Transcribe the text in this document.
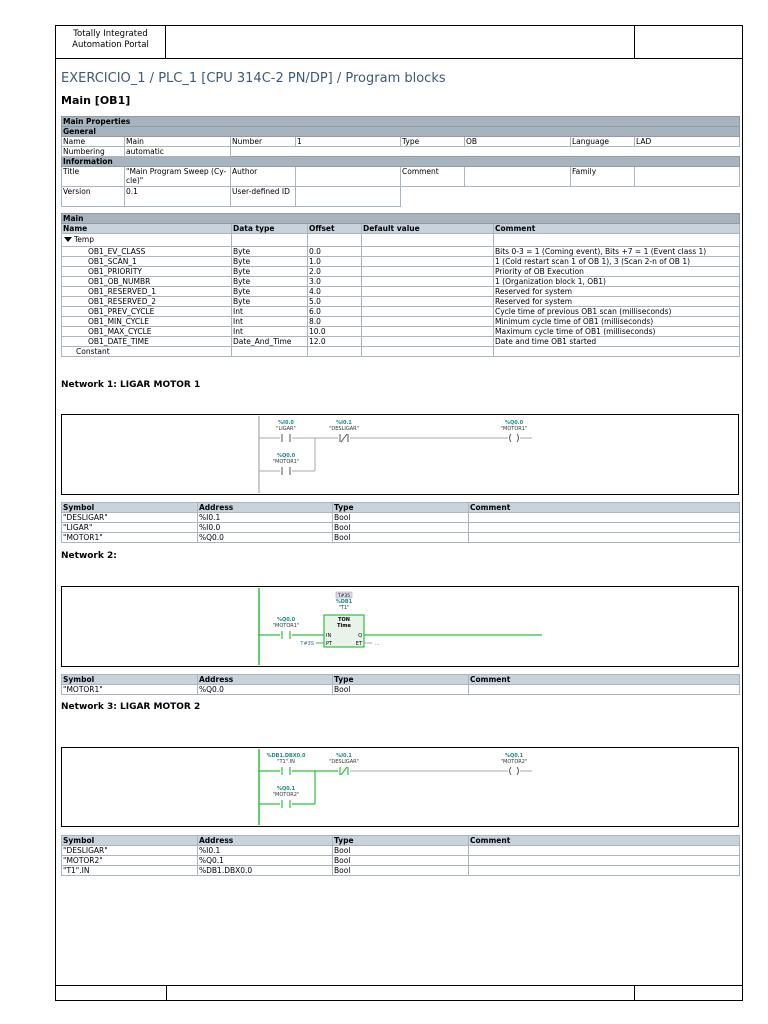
Totally Integrated Automation Portal
EXERCICIO_1 / PLC_1 [CPU 314C-2 PN/DP] / Program blocks
Main [OB1]
Main Properties							
General							
Name	Main	Number	1	Type	OB	Language	LAD
Numbering	automatic						
Information							
Title	"Main Program Sweep (Cy-cle)"	Author		Comment		Family	
Version	0.1	User-defined ID					
Main				
Name	Data type	Offset	Default value	Comment
Temp				
OB1_EV_CLASS	Byte	0.0		Bits 0-3 = 1 (Coming event), Bits +7 = 1 (Event class 1)
OB1_SCAN_1	Byte	1.0		1 (Cold restart scan 1 of OB 1), 3 (Scan 2-n of OB 1)
OB1_PRIORITY	Byte	2.0		Priority of OB Execution
OB1_OB_NUMBR	Byte	3.0		1 (Organization block 1, OB1)
OB1_RESERVED_1	Byte	4.0		Reserved for system
OB1_RESERVED_2	Byte	5.0		Reserved for system
OB1_PREV_CYCLE	Int	6.0		Cycle time of previous OB1 scan (milliseconds)
OB1_MIN_CYCLE	Int	8.0		Minimum cycle time of OB1 (milliseconds)
OB1_MAX_CYCLE	Int	10.0		Maximum cycle time of OB1 (milliseconds)
OB1_DATE_TIME	Date_And_Time	12.0		Date and time OB1 started
Constant				
Network 1: LIGAR MOTOR 1
%I0.0
"LIGAR"
%I0.1
"DESLIGAR"
%Q0.0
"MOTOR1"
%Q0.0
"MOTOR1"
Symbol	Address	Type	Comment
"DESLIGAR"	%I0.1	Bool	
"LIGAR"	%I0.0	Bool	
"MOTOR1"	%Q0.0	Bool	
Network 2:
%Q0.0
"MOTOR1"
T#35
%DB1
"T1"
TON
Time
IN	Q
PT	ET
T#3S	...
Symbol	Address	Type	Comment
"MOTOR1"	%Q0.0	Bool	
Network 3: LIGAR MOTOR 2
%DB1.DBX0.0
"T1".IN
%I0.1
"DESLIGAR"
%Q0.1
"MOTOR2"
%Q0.1
"MOTOR2"
Symbol	Address	Type	Comment
"DESLIGAR"	%I0.1	Bool	
"MOTOR2"	%Q0.1	Bool	
"T1".IN	%DB1.DBX0.0	Bool	
